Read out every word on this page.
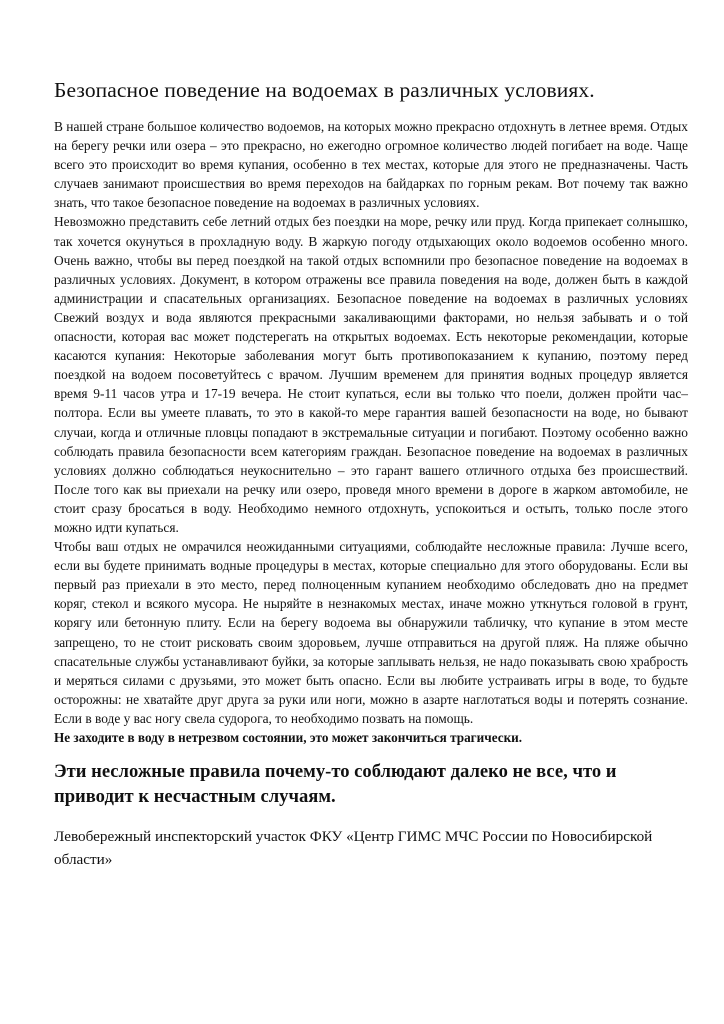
Безопасное поведение на водоемах в различных условиях.

В нашей стране большое количество водоемов, на которых можно прекрасно отдохнуть в летнее время. Отдых на берегу речки или озера – это прекрасно, но ежегодно огромное количество людей погибает на воде. Чаще всего это происходит во время купания, особенно в тех местах, которые для этого не предназначены. Часть случаев занимают происшествия во время переходов на байдарках по горным рекам. Вот почему так важно знать, что такое безопасное поведение на водоемах в различных условиях.

Невозможно представить себе летний отдых без поездки на море, речку или пруд. Когда припекает солнышко, так хочется окунуться в прохладную воду. В жаркую погоду отдыхающих около водоемов особенно много. Очень важно, чтобы вы перед поездкой на такой отдых вспомнили про безопасное поведение на водоемах в различных условиях. Документ, в котором отражены все правила поведения на воде, должен быть в каждой администрации и спасательных организациях. Безопасное поведение на водоемах в различных условиях Свежий воздух и вода являются прекрасными закаливающими факторами, но нельзя забывать и о той опасности, которая вас может подстерегать на открытых водоемах. Есть некоторые рекомендации, которые касаются купания: Некоторые заболевания могут быть противопоказанием к купанию, поэтому перед поездкой на водоем посоветуйтесь с врачом. Лучшим временем для принятия водных процедур является время 9-11 часов утра и 17-19 вечера. Не стоит купаться, если вы только что поели, должен пройти час–полтора. Если вы умеете плавать, то это в какой-то мере гарантия вашей безопасности на воде, но бывают случаи, когда и отличные пловцы попадают в экстремальные ситуации и погибают. Поэтому особенно важно соблюдать правила безопасности всем категориям граждан. Безопасное поведение на водоемах в различных условиях должно соблюдаться неукоснительно – это гарант вашего отличного отдыха без происшествий. После того как вы приехали на речку или озеро, проведя много времени в дороге в жарком автомобиле, не стоит сразу бросаться в воду. Необходимо немного отдохнуть, успокоиться и остыть, только после этого можно идти купаться.

Чтобы ваш отдых не омрачился неожиданными ситуациями, соблюдайте несложные правила: Лучше всего, если вы будете принимать водные процедуры в местах, которые специально для этого оборудованы. Если вы первый раз приехали в это место, перед полноценным купанием необходимо обследовать дно на предмет коряг, стекол и всякого мусора. Не ныряйте в незнакомых местах, иначе можно уткнуться головой в грунт, корягу или бетонную плиту. Если на берегу водоема вы обнаружили табличку, что купание в этом месте запрещено, то не стоит рисковать своим здоровьем, лучше отправиться на другой пляж. На пляже обычно спасательные службы устанавливают буйки, за которые заплывать нельзя, не надо показывать свою храбрость и меряться силами с друзьями, это может быть опасно. Если вы любите устраивать игры в воде, то будьте осторожны: не хватайте друг друга за руки или ноги, можно в азарте наглотаться воды и потерять сознание. Если в воде у вас ногу свела судорога, то необходимо позвать на помощь.

Не заходите в воду в нетрезвом состоянии, это может закончиться трагически.

Эти несложные правила почему-то соблюдают далеко не все, что и приводит к несчастным случаям.

Левобережный инспекторский участок ФКУ «Центр ГИМС МЧС России по Новосибирской области»
